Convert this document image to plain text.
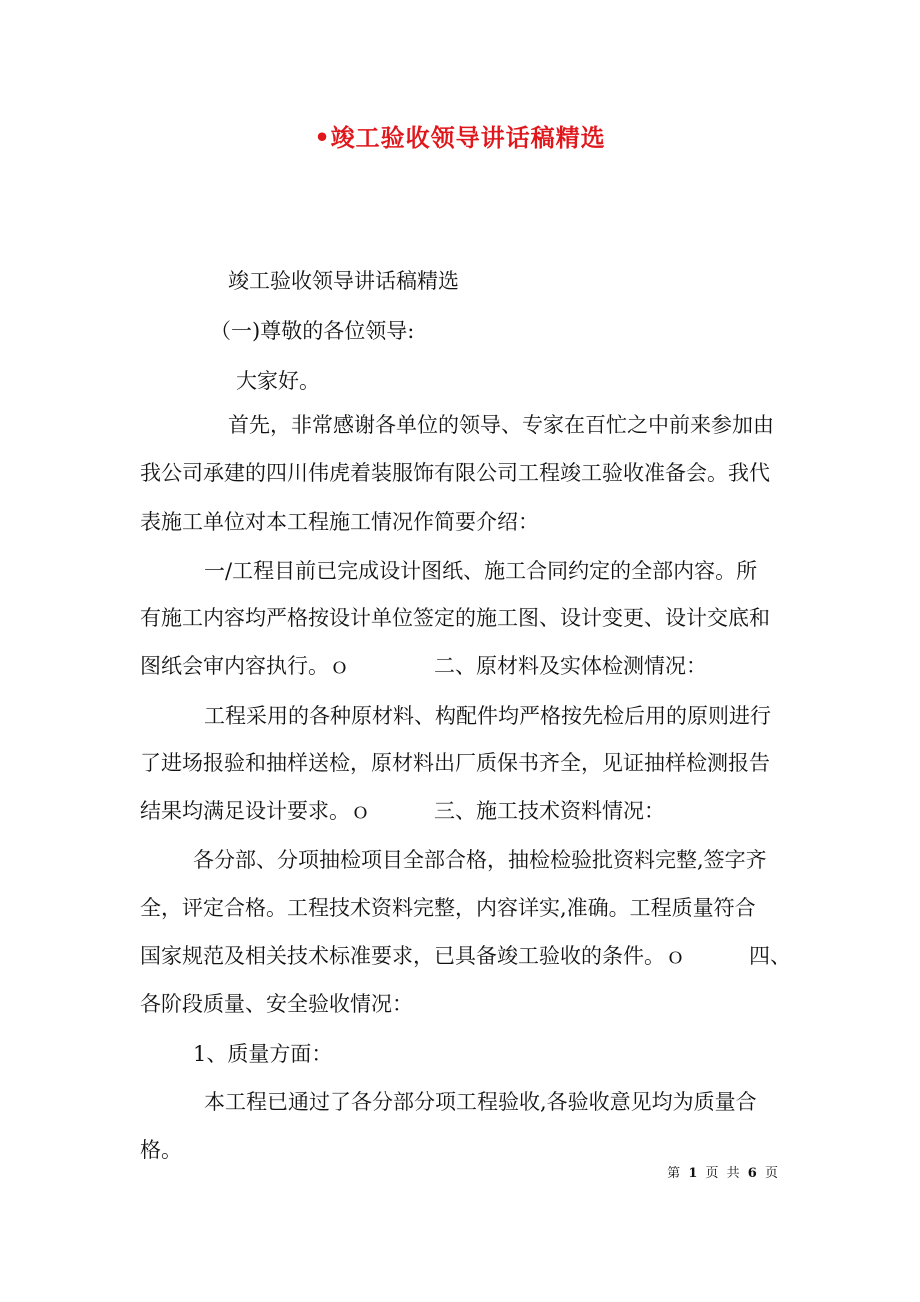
•竣工验收领导讲话稿精选
竣工验收领导讲话稿精选
（一)尊敬的各位领导:
大家好。
首先，非常感谢各单位的领导、专家在百忙之中前来参加由
我公司承建的四川伟虎着装服饰有限公司工程竣工验收准备会。我代
表施工单位对本工程施工情况作简要介绍：
一/工程目前已完成设计图纸、施工合同约定的全部内容。所
有施工内容均严格按设计单位签定的施工图、设计变更、设计交底和
图纸会审内容执行。ｏ　　　　二、原材料及实体检测情况：
工程采用的各种原材料、构配件均严格按先检后用的原则进行
了进场报验和抽样送检，原材料出厂质保书齐全，见证抽样检测报告
结果均满足设计要求。ｏ　　　三、施工技术资料情况：
各分部、分项抽检项目全部合格，抽检检验批资料完整,签字齐
全，评定合格。工程技术资料完整，内容详实,准确。工程质量符合
国家规范及相关技术标准要求，已具备竣工验收的条件。ｏ　　　四、
各阶段质量、安全验收情况：
1、质量方面：
本工程已通过了各分部分项工程验收,各验收意见均为质量合
格。
第 1 页 共 6 页
